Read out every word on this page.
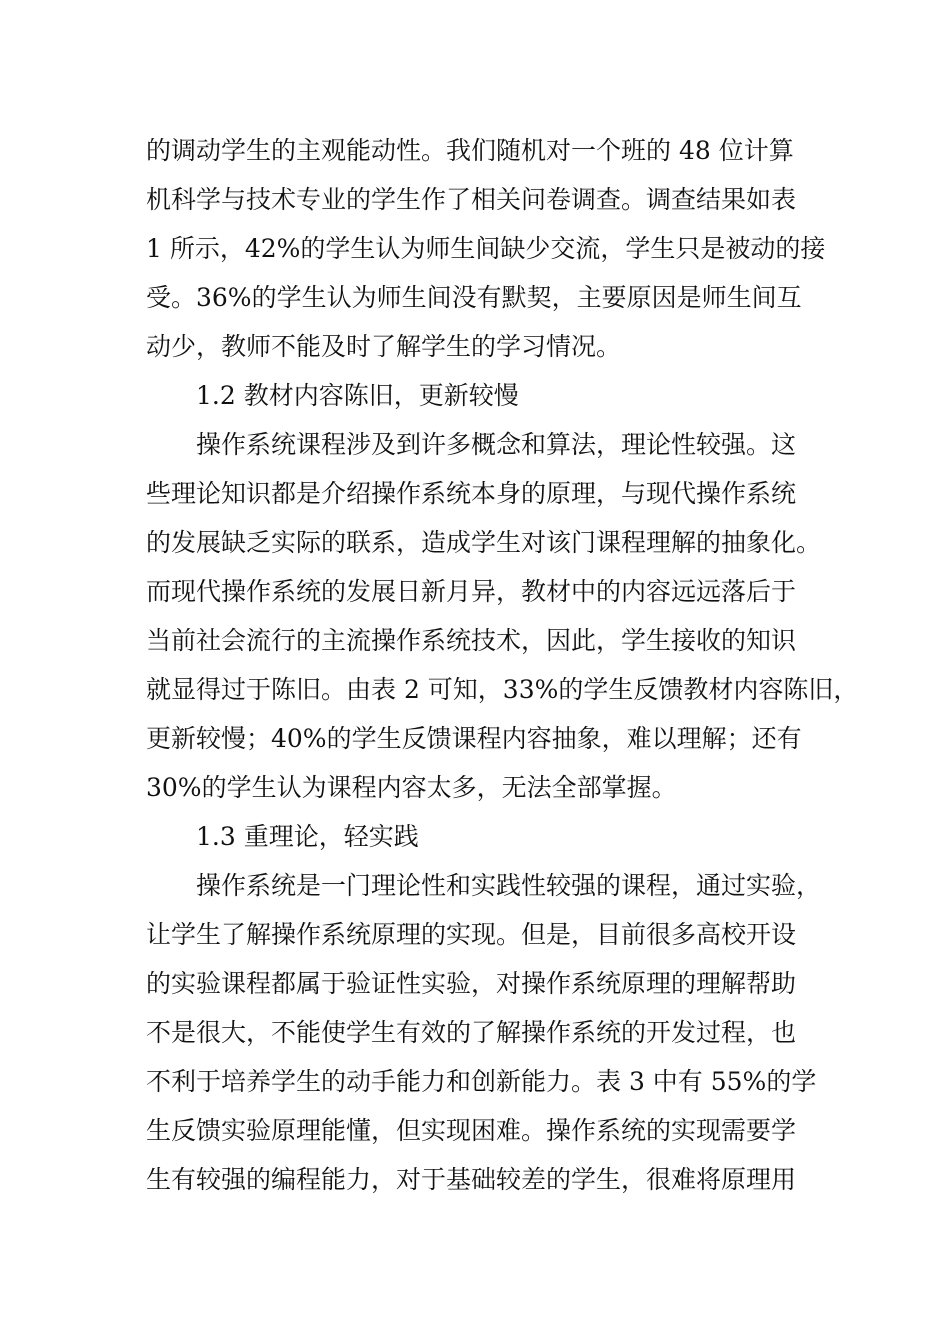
的调动学生的主观能动性。我们随机对一个班的 48 位计算
机科学与技术专业的学生作了相关问卷调查。调查结果如表
1 所示，42%的学生认为师生间缺少交流，学生只是被动的接
受。36%的学生认为师生间没有默契，主要原因是师生间互
动少，教师不能及时了解学生的学习情况。
1.2 教材内容陈旧，更新较慢
操作系统课程涉及到许多概念和算法，理论性较强。这
些理论知识都是介绍操作系统本身的原理，与现代操作系统
的发展缺乏实际的联系，造成学生对该门课程理解的抽象化。
而现代操作系统的发展日新月异，教材中的内容远远落后于
当前社会流行的主流操作系统技术，因此，学生接收的知识
就显得过于陈旧。由表 2 可知，33%的学生反馈教材内容陈旧，
更新较慢；40%的学生反馈课程内容抽象，难以理解；还有
30%的学生认为课程内容太多，无法全部掌握。
1.3 重理论，轻实践
操作系统是一门理论性和实践性较强的课程，通过实验，
让学生了解操作系统原理的实现。但是，目前很多高校开设
的实验课程都属于验证性实验，对操作系统原理的理解帮助
不是很大，不能使学生有效的了解操作系统的开发过程，也
不利于培养学生的动手能力和创新能力。表 3 中有 55%的学
生反馈实验原理能懂，但实现困难。操作系统的实现需要学
生有较强的编程能力，对于基础较差的学生，很难将原理用
